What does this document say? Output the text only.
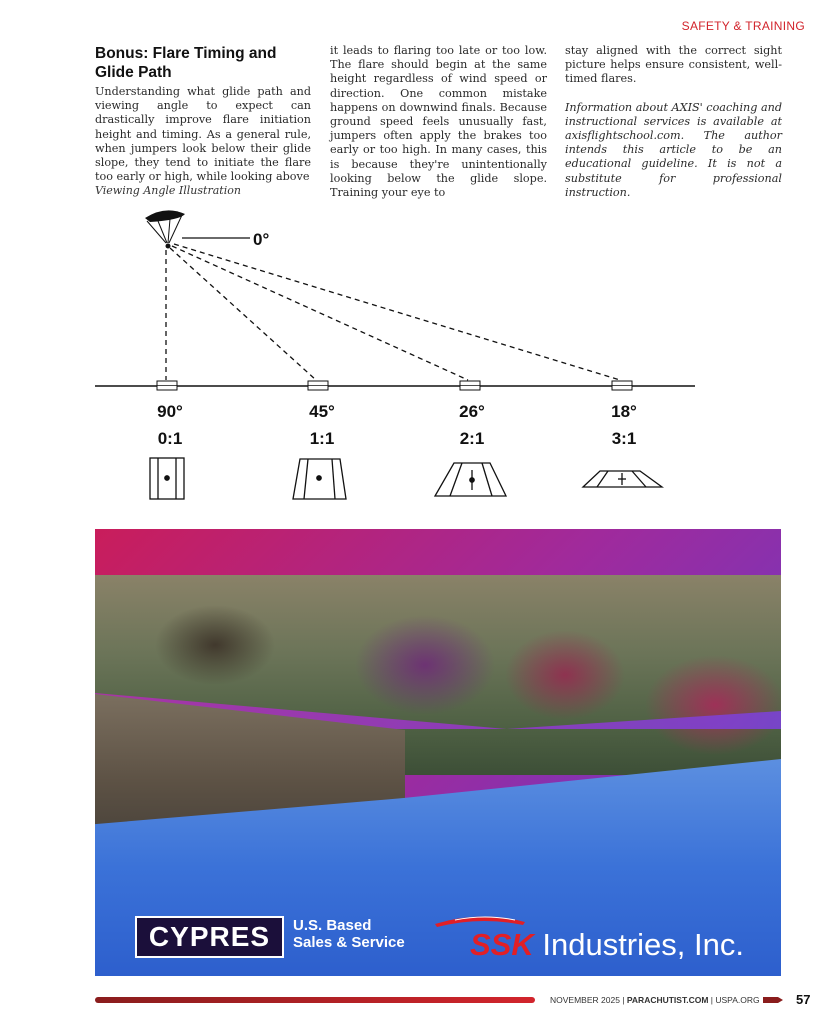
SAFETY & TRAINING
Bonus: Flare Timing and Glide Path

Understanding what glide path and viewing angle to expect can drastically improve flare initiation height and timing. As a general rule, when jumpers look below their glide slope, they tend to initiate the flare too early or high, while looking above

it leads to flaring too late or too low. The flare should begin at the same height regardless of wind speed or direction. One common mistake happens on downwind finals. Because ground speed feels unusually fast, jumpers often apply the brakes too early or too high. In many cases, this is because they're unintentionally looking below the glide slope. Training your eye to

stay aligned with the correct sight picture helps ensure consistent, well-timed flares.

Information about AXIS' coaching and instructional services is available at axisflightschool.com. The author intends this article to be an educational guideline. It is not a substitute for professional instruction.

Viewing Angle Illustration
0°
90°	45°	26°	18°
0:1	1:1	2:1	3:1
CYPRES U.S. Based
Sales & Service SSK Industries, Inc.
NOVEMBER 2025 | PARACHUTIST.COM | USPA.ORG	57
